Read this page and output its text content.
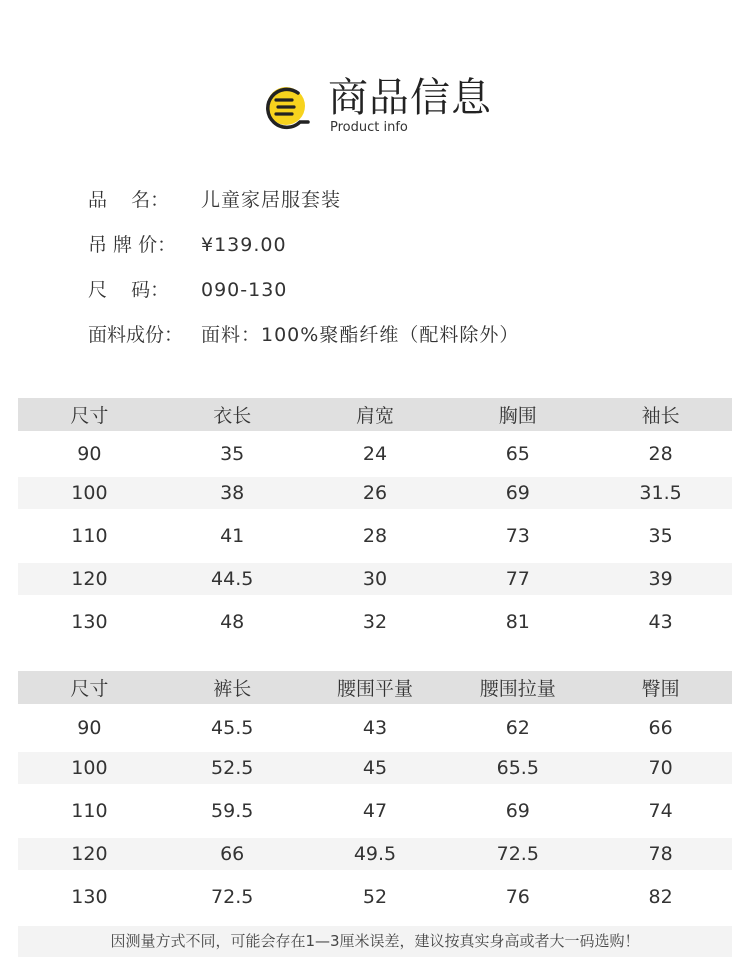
商品信息
Product info
品    名：	儿童家居服套装
吊 牌 价：	¥139.00
尺    码：	090-130
面料成份： 面料：100%聚酯纤维（配料除外）
尺寸	衣长	肩宽	胸围	袖长
90	35	24	65	28
100	38	26	69	31.5
110	41	28	73	35
120	44.5	30	77	39
130	48	32	81	43
尺寸	裤长	腰围平量	腰围拉量	臀围
90	45.5	43	62	66
100	52.5	45	65.5	70
110	59.5	47	69	74
120	66	49.5	72.5	78
130	72.5	52	76	82
因测量方式不同，可能会存在1—3厘米误差，建议按真实身高或者大一码选购！
